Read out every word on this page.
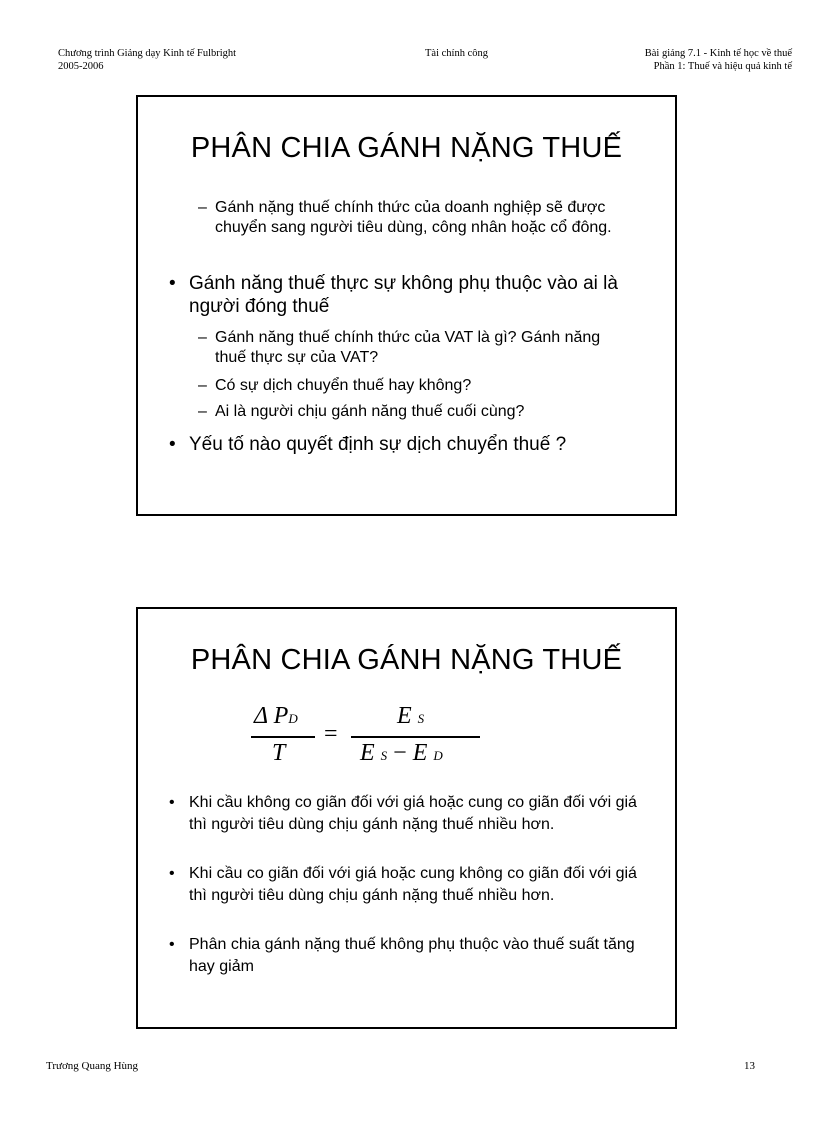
Chương trình Giảng dạy Kinh tế Fulbright
2005-2006
Tài chính công	Bài giảng 7.1 - Kinh tế học về thuế
Phần 1: Thuế và hiệu quả kinh tế
PHÂN CHIA GÁNH NẶNG THUẾ
– Gánh nặng thuế chính thức của doanh nghiệp sẽ được chuyển sang người tiêu dùng, công nhân hoặc cổ đông.
• Gánh năng thuế thực sự không phụ thuộc vào ai là người đóng thuế
– Gánh năng thuế chính thức của VAT là gì? Gánh năng thuế thực sự của VAT?
– Có sự dịch chuyển thuế hay không?
– Ai là người chịu gánh năng thuế cuối cùng?
• Yếu tố nào quyết định sự dịch chuyển thuế ?
PHÂN CHIA GÁNH NẶNG THUẾ
Δ PD
T
=
E S
E S − E D
• Khi cầu không co giãn đối với giá hoặc cung co giãn đối với giá thì người tiêu dùng chịu gánh nặng thuế nhiều hơn.
• Khi cầu co giãn đối với giá hoặc cung không co giãn đối với giá thì người tiêu dùng chịu gánh nặng thuế nhiều hơn.
• Phân chia gánh nặng thuế không phụ thuộc vào thuế suất tăng hay giảm
Trương Quang Hùng	13
